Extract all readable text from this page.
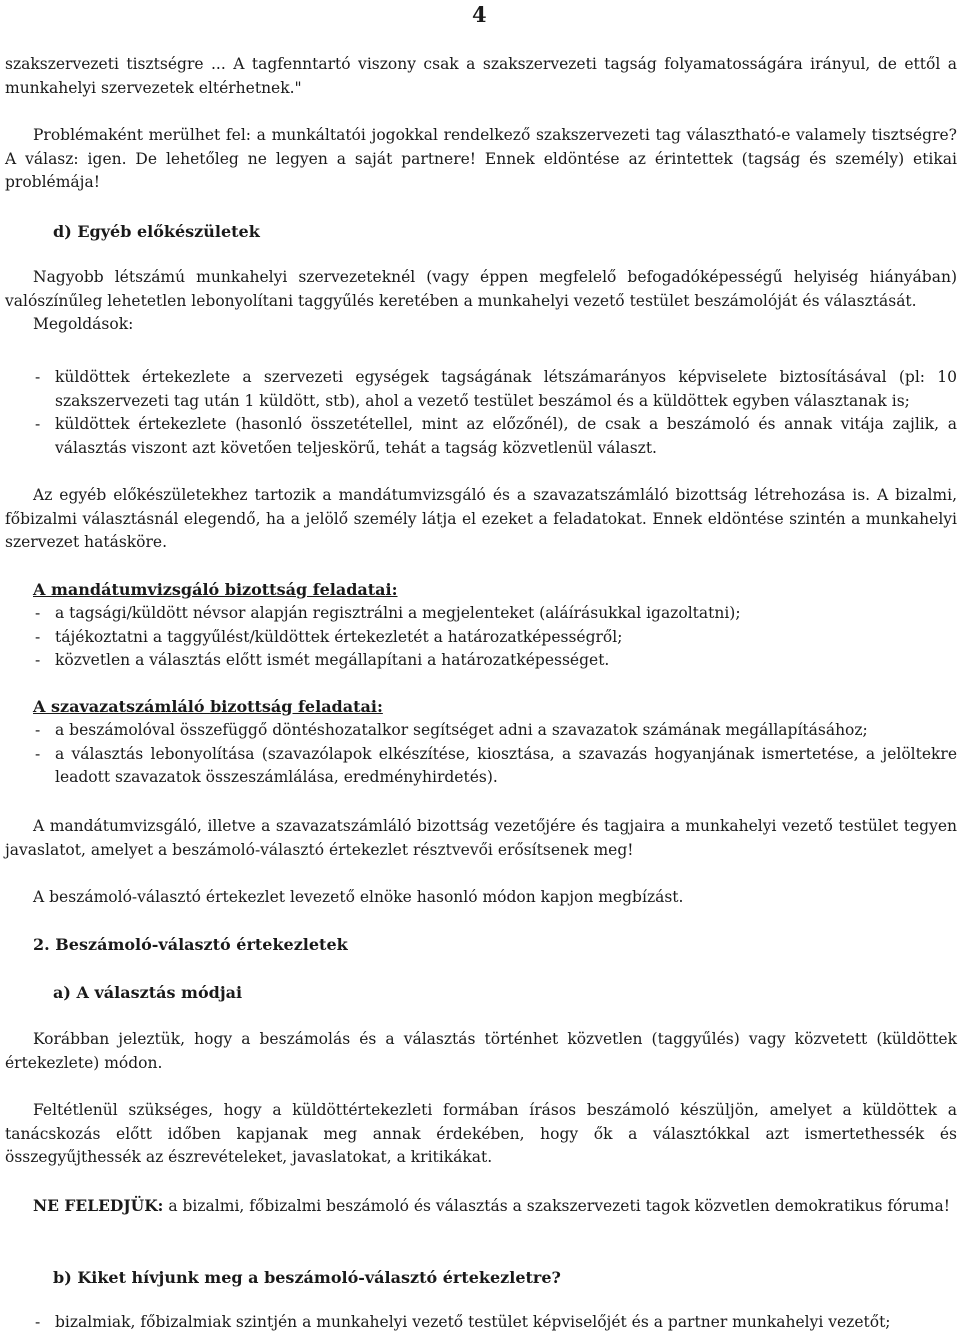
4
szakszervezeti tisztségre ... A tagfenntartó viszony csak a szakszervezeti tagság folyamatosságára irányul, de ettől a munkahelyi szervezetek eltérhetnek."
Problémaként merülhet fel: a munkáltatói jogokkal rendelkező szakszervezeti tag választható-e valamely tisztségre? A válasz: igen. De lehetőleg ne legyen a saját partnere! Ennek eldöntése az érintettek (tagság és személy) etikai problémája!
d) Egyéb előkészületek
Nagyobb létszámú munkahelyi szervezeteknél (vagy éppen megfelelő befogadóképességű helyiség hiányában) valószínűleg lehetetlen lebonyolítani taggyűlés keretében a munkahelyi vezető testület beszámolóját és választását.
Megoldások:
- küldöttek értekezlete a szervezeti egységek tagságának létszámarányos képviselete biztosításával (pl: 10 szakszervezeti tag után 1 küldött, stb), ahol a vezető testület beszámol és a küldöttek egyben választanak is;
- küldöttek értekezlete (hasonló összetétellel, mint az előzőnél), de csak a beszámoló és annak vitája zajlik, a választás viszont azt követően teljeskörű, tehát a tagság közvetlenül választ.
Az egyéb előkészületekhez tartozik a mandátumvizsgáló és a szavazatszámláló bizottság létrehozása is. A bizalmi, főbizalmi választásnál elegendő, ha a jelölő személy látja el ezeket a feladatokat. Ennek eldöntése szintén a munkahelyi szervezet hatásköre.
A mandátumvizsgáló bizottság feladatai:
- a tagsági/küldött névsor alapján regisztrálni a megjelenteket (aláírásukkal igazoltatni);
- tájékoztatni a taggyűlést/küldöttek értekezletét a határozatképességről;
- közvetlen a választás előtt ismét megállapítani a határozatképességet.
A szavazatszámláló bizottság feladatai:
- a beszámolóval összefüggő döntéshozatalkor segítséget adni a szavazatok számának megállapításához;
- a választás lebonyolítása (szavazólapok elkészítése, kiosztása, a szavazás hogyanjának ismertetése, a jelöltekre leadott szavazatok összeszámlálása, eredményhirdetés).
A mandátumvizsgáló, illetve a szavazatszámláló bizottság vezetőjére és tagjaira a munkahelyi vezető testület tegyen javaslatot, amelyet a beszámoló-választó értekezlet résztvevői erősítsenek meg!
A beszámoló-választó értekezlet levezető elnöke hasonló módon kapjon megbízást.
2. Beszámoló-választó értekezletek
a) A választás módjai
Korábban jeleztük, hogy a beszámolás és a választás történhet közvetlen (taggyűlés) vagy közvetett (küldöttek értekezlete) módon.
Feltétlenül szükséges, hogy a küldöttértekezleti formában írásos beszámoló készüljön, amelyet a küldöttek a tanácskozás előtt időben kapjanak meg annak érdekében, hogy ők a választókkal azt ismertethessék és összegyűjthessék az észrevételeket, javaslatokat, a kritikákat.
NE FELEDJÜK: a bizalmi, főbizalmi beszámoló és választás a szakszervezeti tagok közvetlen demokratikus fóruma!
b) Kiket hívjunk meg a beszámoló-választó értekezletre?
- bizalmiak, főbizalmiak szintjén a munkahelyi vezető testület képviselőjét és a partner munkahelyi vezetőt;
